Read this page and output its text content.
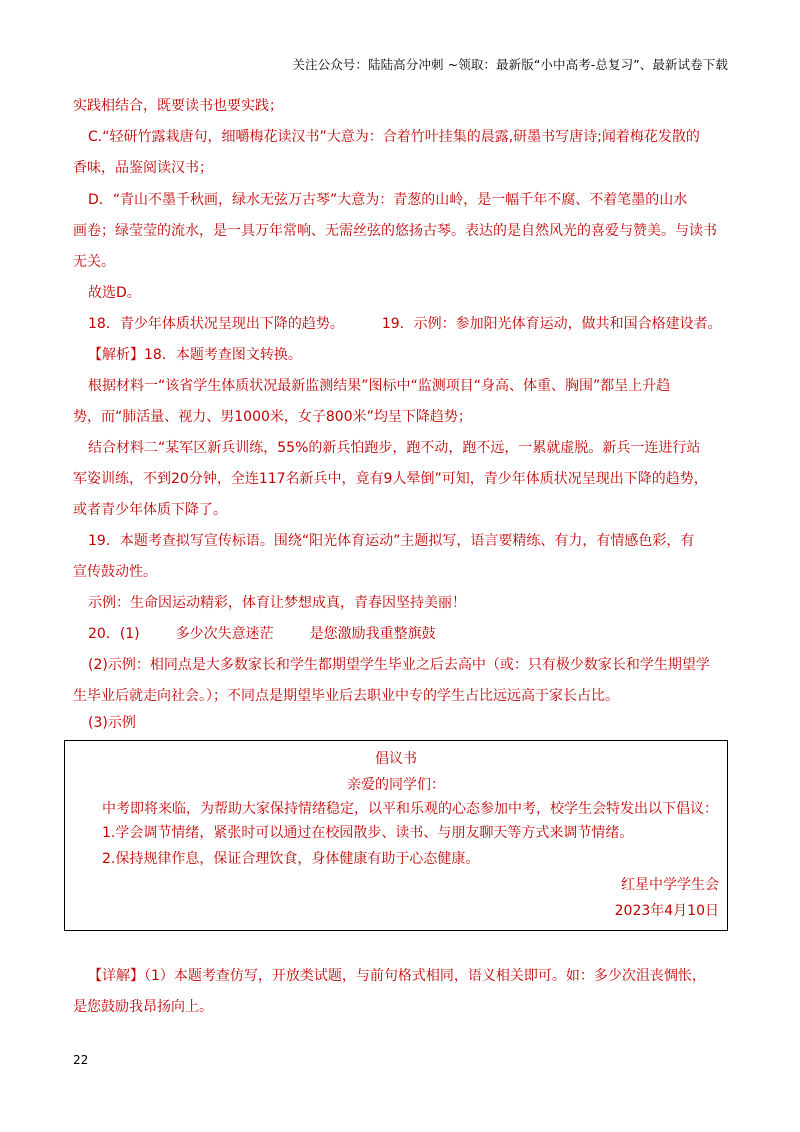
关注公众号：陆陆高分冲刺 ~领取：最新版“小中高考-总复习”、最新试卷下载
实践相结合，既要读书也要实践；
C.“轻研竹露栽唐句，细嚼梅花读汉书”大意为：合着竹叶挂集的晨露,研墨书写唐诗;闻着梅花发散的
香味，品鉴阅读汉书；
D．“青山不墨千秋画，绿水无弦万古琴”大意为：青葱的山岭，是一幅千年不腐、不着笔墨的山水
画卷；绿莹莹的流水，是一具万年常响、无需丝弦的悠扬古琴。表达的是自然风光的喜爱与赞美。与读书
无关。
故选D。
18．青少年体质状况呈现出下降的趋势。	19．示例：参加阳光体育运动，做共和国合格建设者。
【解析】18．本题考查图文转换。
根据材料一“该省学生体质状况最新监测结果”图标中“监测项目“身高、体重、胸围”都呈上升趋
势，而“肺活量、视力、男1000米，女子800米”均呈下降趋势；
结合材料二“某军区新兵训练，55%的新兵怕跑步，跑不动，跑不远，一累就虚脱。新兵一连进行站
军姿训练，不到20分钟，全连117名新兵中，竟有9人晕倒”可知，青少年体质状况呈现出下降的趋势，
或者青少年体质下降了。
19．本题考查拟写宣传标语。围绕“阳光体育运动”主题拟写，语言要精练、有力，有情感色彩，有
宣传鼓动性。
示例：生命因运动精彩，体育让梦想成真，青春因坚持美丽！
20．(1)	多少次失意迷茫	是您激励我重整旗鼓
(2)示例：相同点是大多数家长和学生都期望学生毕业之后去高中（或：只有极少数家长和学生期望学
生毕业后就走向社会。）；不同点是期望毕业后去职业中专的学生占比远远高于家长占比。
(3)示例
倡议书
亲爱的同学们：
中考即将来临，为帮助大家保持情绪稳定，以平和乐观的心态参加中考，校学生会特发出以下倡议：
1.学会调节情绪，紧张时可以通过在校园散步、读书、与朋友聊天等方式来调节情绪。
2.保持规律作息，保证合理饮食，身体健康有助于心态健康。
红星中学学生会
2023年4月10日
【详解】（1）本题考查仿写，开放类试题，与前句格式相同，语义相关即可。如：多少次沮丧惆怅，
是您鼓励我昂扬向上。
22
